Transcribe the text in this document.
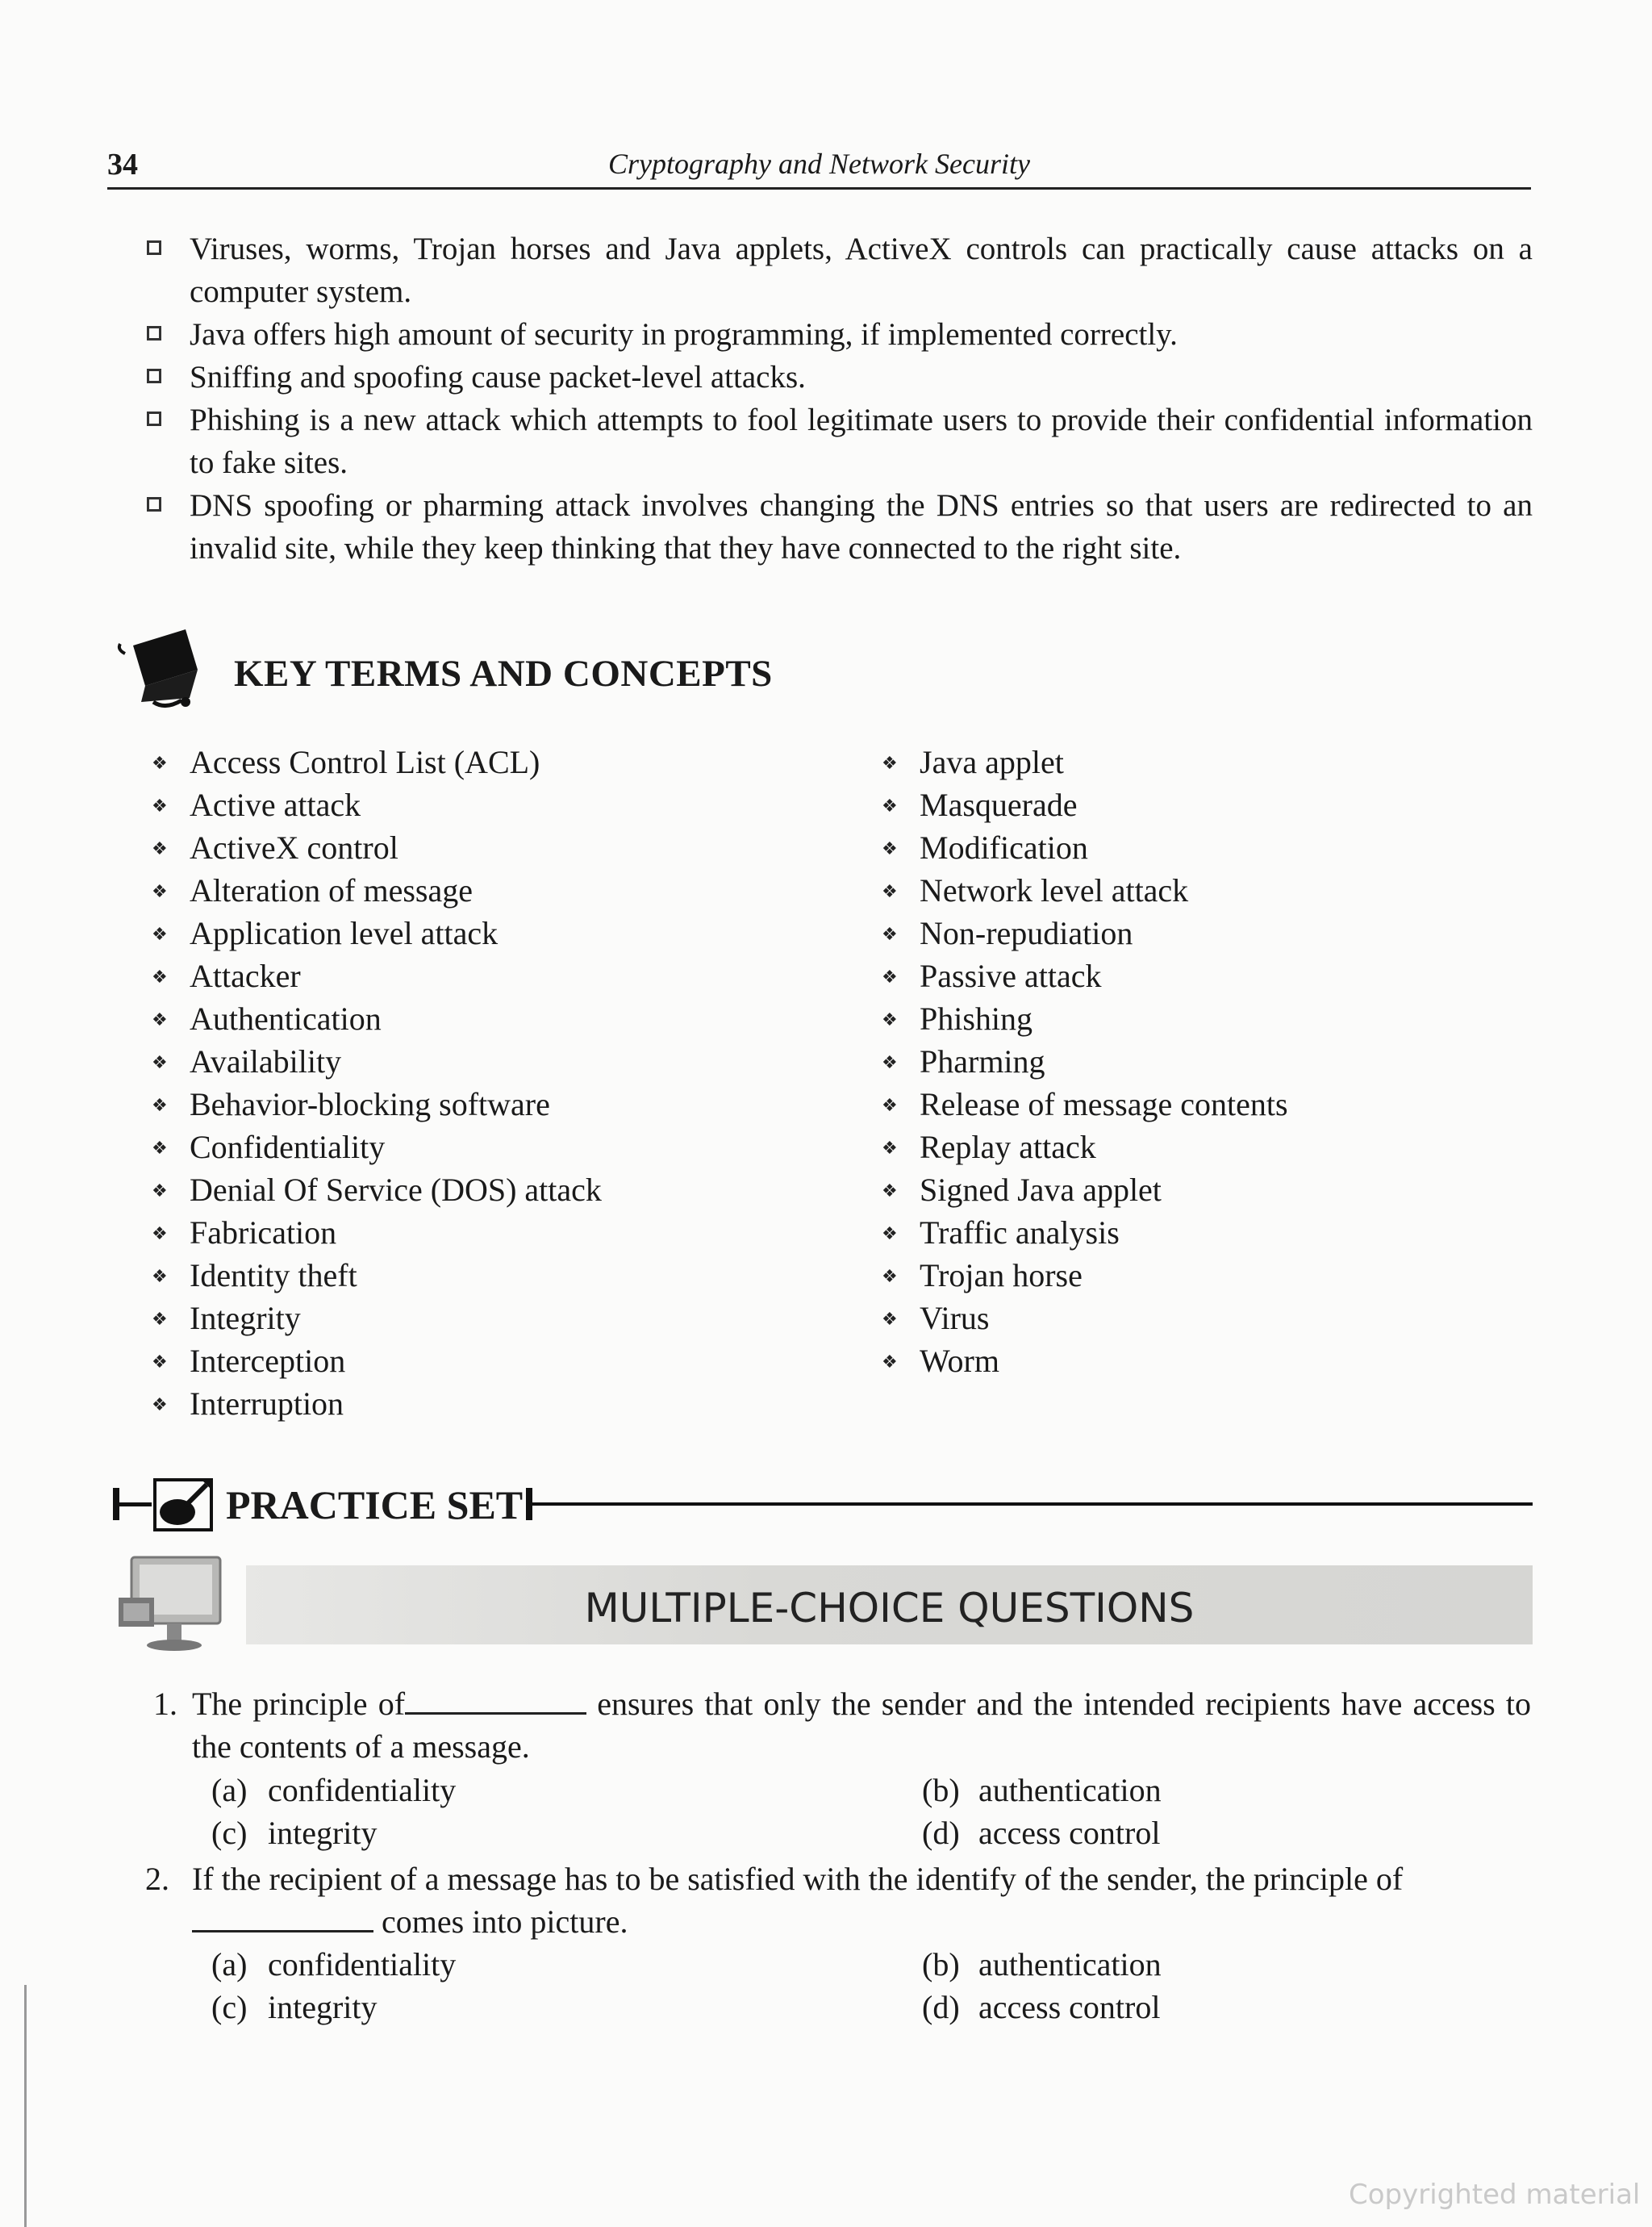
34	Cryptography and Network Security
Viruses, worms, Trojan horses and Java applets, ActiveX controls can practically cause attacks on a computer system.
Java offers high amount of security in programming, if implemented correctly.
Sniffing and spoofing cause packet-level attacks.
Phishing is a new attack which attempts to fool legitimate users to provide their confidential information to fake sites.
DNS spoofing or pharming attack involves changing the DNS entries so that users are redirected to an invalid site, while they keep thinking that they have connected to the right site.
KEY TERMS AND CONCEPTS
❖ Access Control List (ACL)
❖ Active attack
❖ ActiveX control
❖ Alteration of message
❖ Application level attack
❖ Attacker
❖ Authentication
❖ Availability
❖ Behavior-blocking software
❖ Confidentiality
❖ Denial Of Service (DOS) attack
❖ Fabrication
❖ Identity theft
❖ Integrity
❖ Interception
❖ Interruption
❖ Java applet
❖ Masquerade
❖ Modification
❖ Network level attack
❖ Non-repudiation
❖ Passive attack
❖ Phishing
❖ Pharming
❖ Release of message contents
❖ Replay attack
❖ Signed Java applet
❖ Traffic analysis
❖ Trojan horse
❖ Virus
❖ Worm
PRACTICE SET
MULTIPLE-CHOICE QUESTIONS
1. The principle of	ensures that only the sender and the intended recipients have access to the contents of a message.
(a) confidentiality	(b) authentication
(c) integrity	(d) access control
2. If the recipient of a message has to be satisfied with the identify of the sender, the principle of
comes into picture.
(a) confidentiality	(b) authentication
(c) integrity	(d) access control
Copyrighted material
